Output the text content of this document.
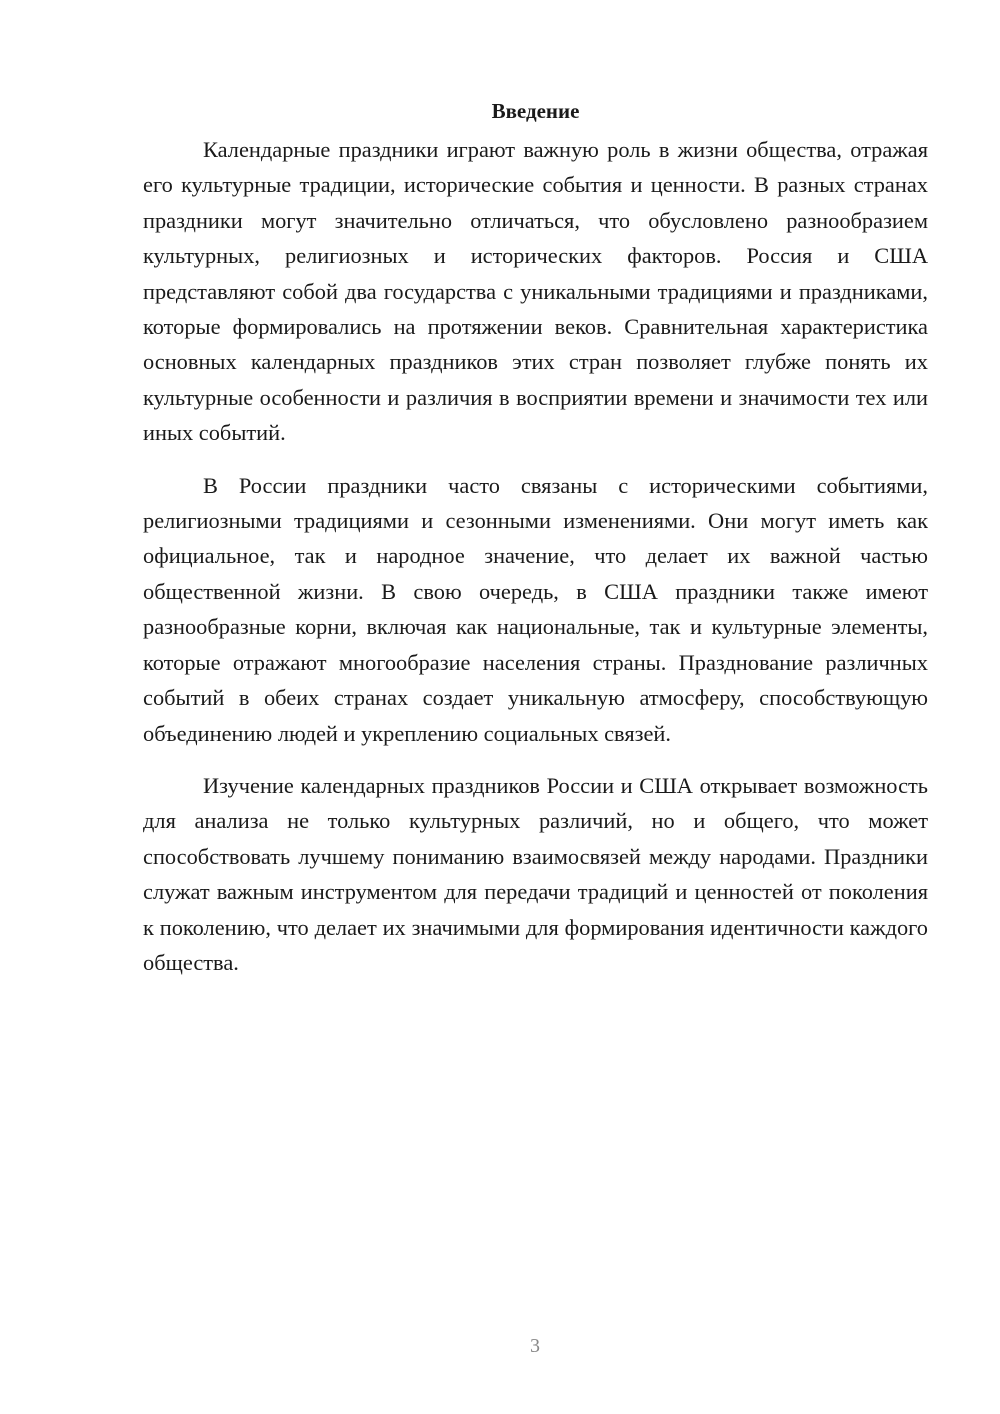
Введение

Календарные праздники играют важную роль в жизни общества, отражая его культурные традиции, исторические события и ценности. В разных странах праздники могут значительно отличаться, что обусловлено разнообразием культурных, религиозных и исторических факторов. Россия и США представляют собой два государства с уникальными традициями и праздниками, которые формировались на протяжении веков. Сравнительная характеристика основных календарных праздников этих стран позволяет глубже понять их культурные особенности и различия в восприятии времени и значимости тех или иных событий.

В России праздники часто связаны с историческими событиями, религиозными традициями и сезонными изменениями. Они могут иметь как официальное, так и народное значение, что делает их важной частью общественной жизни. В свою очередь, в США праздники также имеют разнообразные корни, включая как национальные, так и культурные элементы, которые отражают многообразие населения страны. Празднование различных событий в обеих странах создает уникальную атмосферу, способствующую объединению людей и укреплению социальных связей.

Изучение календарных праздников России и США открывает возможность для анализа не только культурных различий, но и общего, что может способствовать лучшему пониманию взаимосвязей между народами. Праздники служат важным инструментом для передачи традиций и ценностей от поколения к поколению, что делает их значимыми для формирования идентичности каждого общества.

3
